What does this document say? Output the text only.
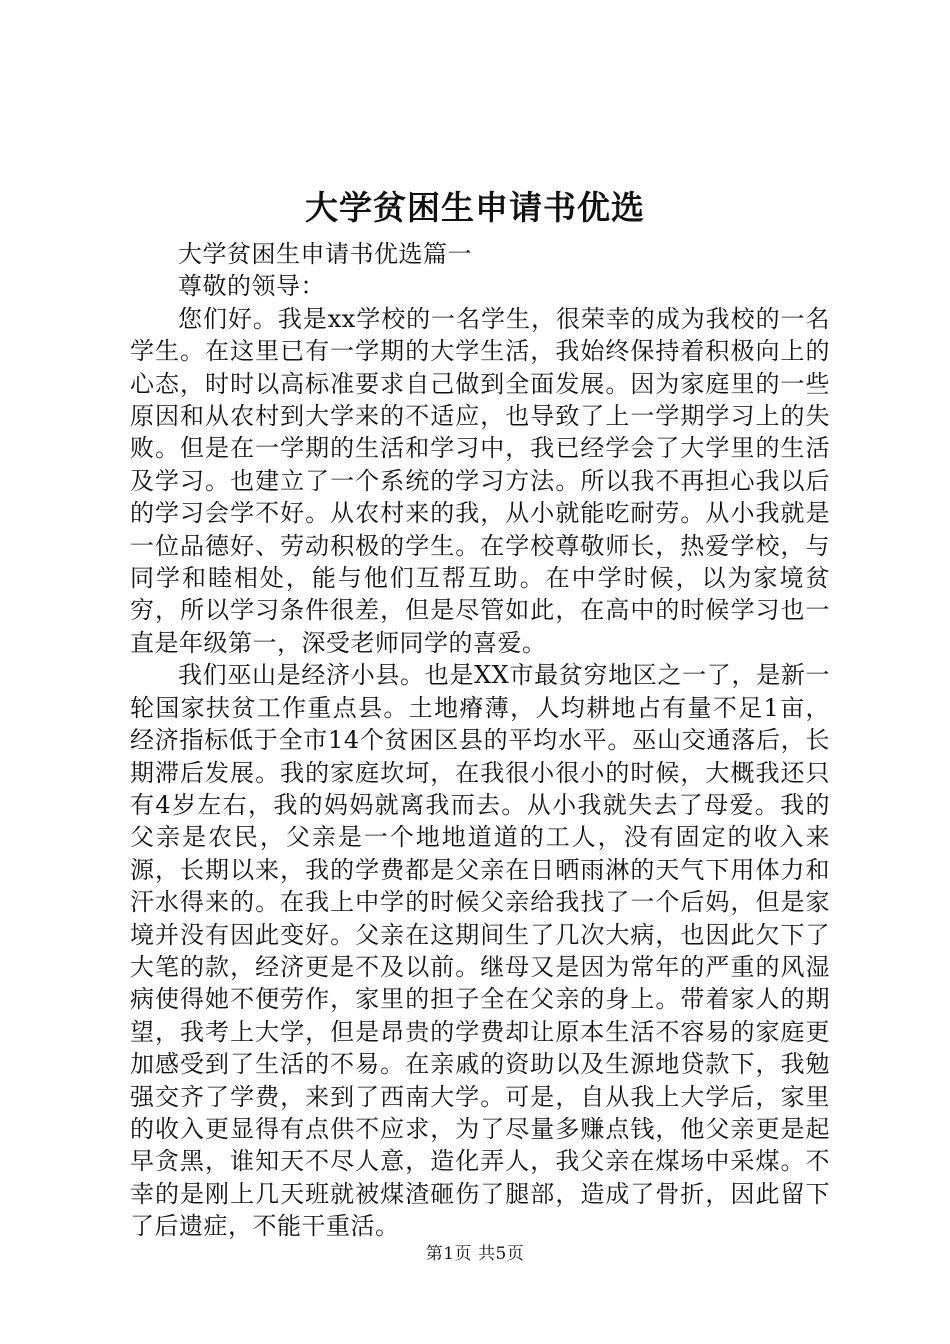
大学贫困生申请书优选

大学贫困生申请书优选篇一

尊敬的领导：

您们好。我是xx学校的一名学生，很荣幸的成为我校的一名学生。在这里已有一学期的大学生活，我始终保持着积极向上的心态，时时以高标准要求自己做到全面发展。因为家庭里的一些原因和从农村到大学来的不适应，也导致了上一学期学习上的失败。但是在一学期的生活和学习中，我已经学会了大学里的生活及学习。也建立了一个系统的学习方法。所以我不再担心我以后的学习会学不好。从农村来的我，从小就能吃耐劳。从小我就是一位品德好、劳动积极的学生。在学校尊敬师长，热爱学校，与同学和睦相处，能与他们互帮互助。在中学时候，以为家境贫穷，所以学习条件很差，但是尽管如此，在高中的时候学习也一直是年级第一，深受老师同学的喜爱。

我们巫山是经济小县。也是XX市最贫穷地区之一了，是新一轮国家扶贫工作重点县。土地瘠薄，人均耕地占有量不足1亩，经济指标低于全市14个贫困区县的平均水平。巫山交通落后，长期滞后发展。我的家庭坎坷，在我很小很小的时候，大概我还只有4岁左右，我的妈妈就离我而去。从小我就失去了母爱。我的父亲是农民，父亲是一个地地道道的工人，没有固定的收入来源，长期以来，我的学费都是父亲在日晒雨淋的天气下用体力和汗水得来的。在我上中学的时候父亲给我找了一个后妈，但是家境并没有因此变好。父亲在这期间生了几次大病，也因此欠下了大笔的款，经济更是不及以前。继母又是因为常年的严重的风湿病使得她不便劳作，家里的担子全在父亲的身上。带着家人的期望，我考上大学，但是昂贵的学费却让原本生活不容易的家庭更加感受到了生活的不易。在亲戚的资助以及生源地贷款下，我勉强交齐了学费，来到了西南大学。可是，自从我上大学后，家里的收入更显得有点供不应求，为了尽量多赚点钱，他父亲更是起早贪黑，谁知天不尽人意，造化弄人，我父亲在煤场中采煤。不幸的是刚上几天班就被煤渣砸伤了腿部，造成了骨折，因此留下了后遗症，不能干重活。

第1页 共5页
